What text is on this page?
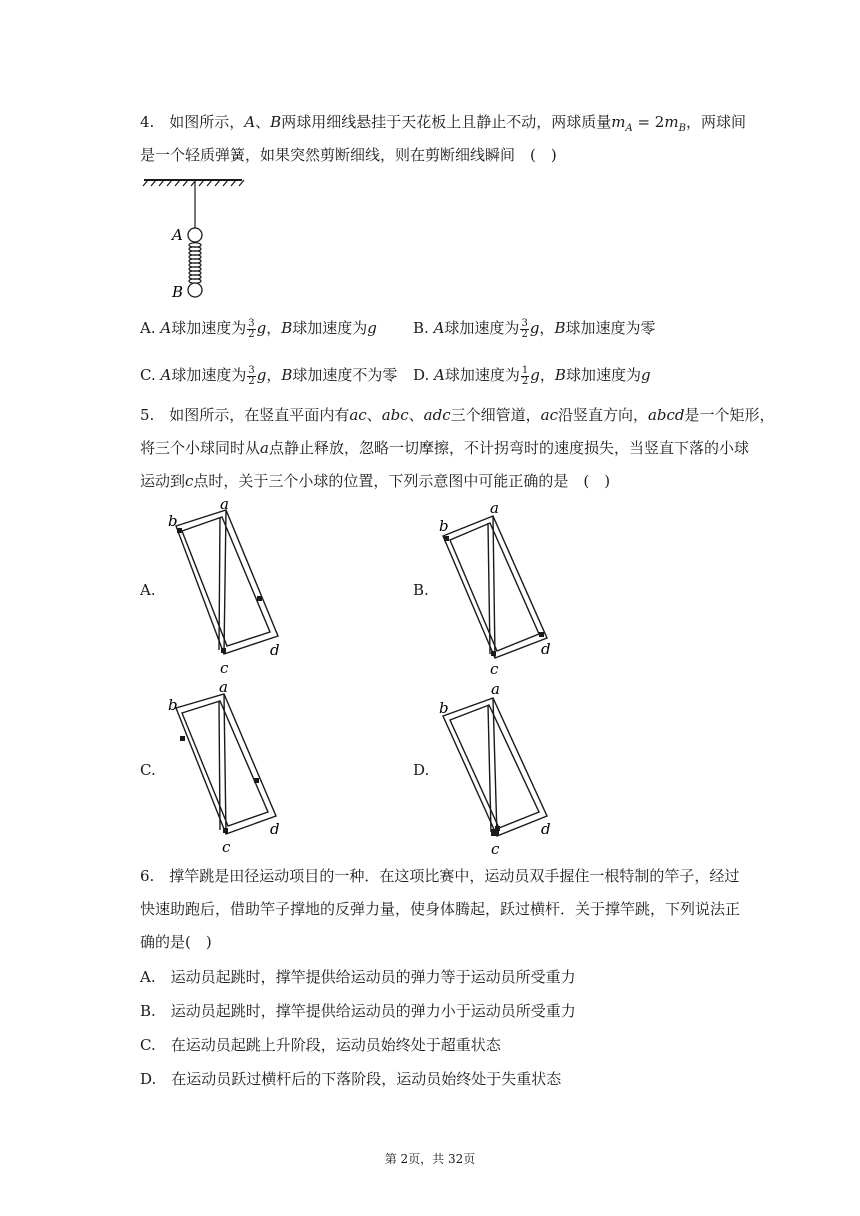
4. 如图所示，A、B两球用细线悬挂于天花板上且静止不动，两球质量$m_A = 2m_B$，两球间
是一个轻质弹簧，如果突然剪断细线，则在剪断细线瞬间 ( )
A
B
A. A球加速度为 $\frac{3}{2}$ g，B球加速度为g B. A球加速度为 $\frac{3}{2}$ g，B球加速度为零
C. A球加速度为 $\frac{3}{2}$ g，B球加速度不为零 D. A球加速度为 $\frac{1}{2}$ g，B球加速度为g
5. 如图所示，在竖直平面内有ac、abc、adc三个细管道，ac沿竖直方向，abcd是一个矩形，
将三个小球同时从a点静止释放，忽略一切摩擦，不计拐弯时的速度损失，当竖直下落的小球
运动到c点时，关于三个小球的位置，下列示意图中可能正确的是 ( )
A.	B.
C.	D.
a
b
c
d
a
b
c
d
a
b
c
d
a
b
c
d
6. 撑竿跳是田径运动项目的一种．在这项比赛中，运动员双手握住一根特制的竿子，经过
快速助跑后，借助竿子撑地的反弹力量，使身体腾起，跃过横杆．关于撑竿跳，下列说法正
确的是( )
A. 运动员起跳时，撑竿提供给运动员的弹力等于运动员所受重力
B. 运动员起跳时，撑竿提供给运动员的弹力小于运动员所受重力
C. 在运动员起跳上升阶段，运动员始终处于超重状态
D. 在运动员跃过横杆后的下落阶段，运动员始终处于失重状态
第 2页，共 32页
